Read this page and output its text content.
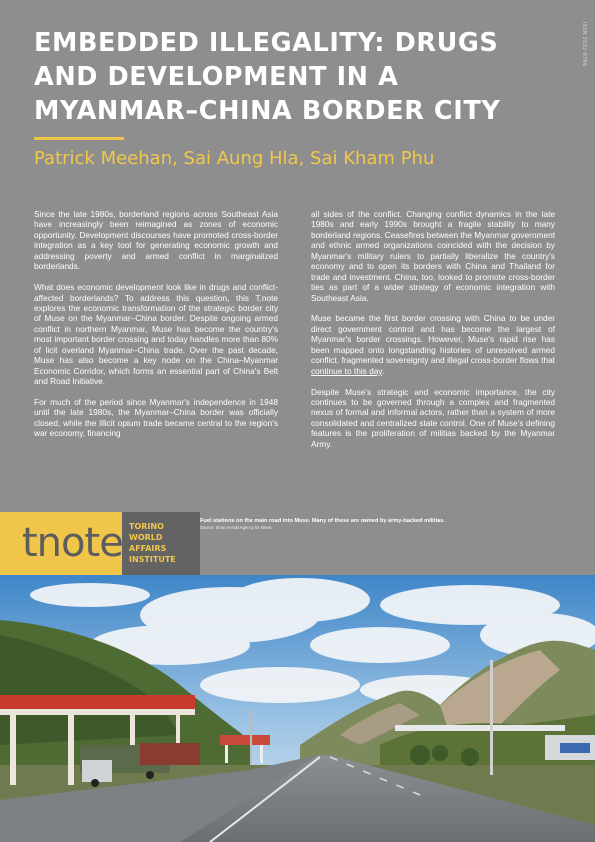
ISSN 2532-9766
EMBEDDED ILLEGALITY: DRUGS AND DEVELOPMENT IN A MYANMAR–CHINA BORDER CITY
Patrick Meehan, Sai Aung Hla, Sai Kham Phu

Since the late 1980s, borderland regions across Southeast Asia have increasingly been reimagined as zones of economic opportunity. Development discourses have promoted cross-border integration as a key tool for generating economic growth and addressing poverty and armed conflict in marginalized borderlands.

What does economic development look like in drugs and conflict-affected borderlands? To address this question, this T.note explores the economic transformation of the strategic border city of Muse on the Myanmar–China border. Despite ongoing armed conflict in northern Myanmar, Muse has become the country's most important border crossing and today handles more than 80% of licit overland Myanmar–China trade. Over the past decade, Muse has also become a key node on the China–Myanmar Economic Corridor, which forms an essential part of China's Belt and Road Initiative.

For much of the period since Myanmar's independence in 1948 until the late 1980s, the Myanmar–China border was officially closed, while the illicit opium trade became central to the region's war economy, financing

all sides of the conflict. Changing conflict dynamics in the late 1980s and early 1990s brought a fragile stability to many borderland regions. Ceasefires between the Myanmar government and ethnic armed organizations coincided with the decision by Myanmar's military rulers to partially liberalize the country's economy and to open its borders with China and Thailand for trade and investment. China, too, looked to promote cross-border ties as part of a wider strategy of economic integration with Southeast Asia.

Muse became the first border crossing with China to be under direct government control and has become the largest of Myanmar's border crossings. However, Muse's rapid rise has been mapped onto longstanding histories of unresolved armed conflict, fragmented sovereignty and illegal cross-border flows that continue to this day.

Despite Muse's strategic and economic importance, the city continues to be governed through a complex and fragmented nexus of formal and informal actors, rather than a system of more consolidated and centralized state control. One of Muse's defining features is the proliferation of militias backed by the Myanmar Army.

tnote TORINO
WORLD
AFFAIRS
INSTITUTE
Fuel stations on the main road into Muse. Many of these are owned by army-backed militias.
Source: Shan Herald Agency for News
